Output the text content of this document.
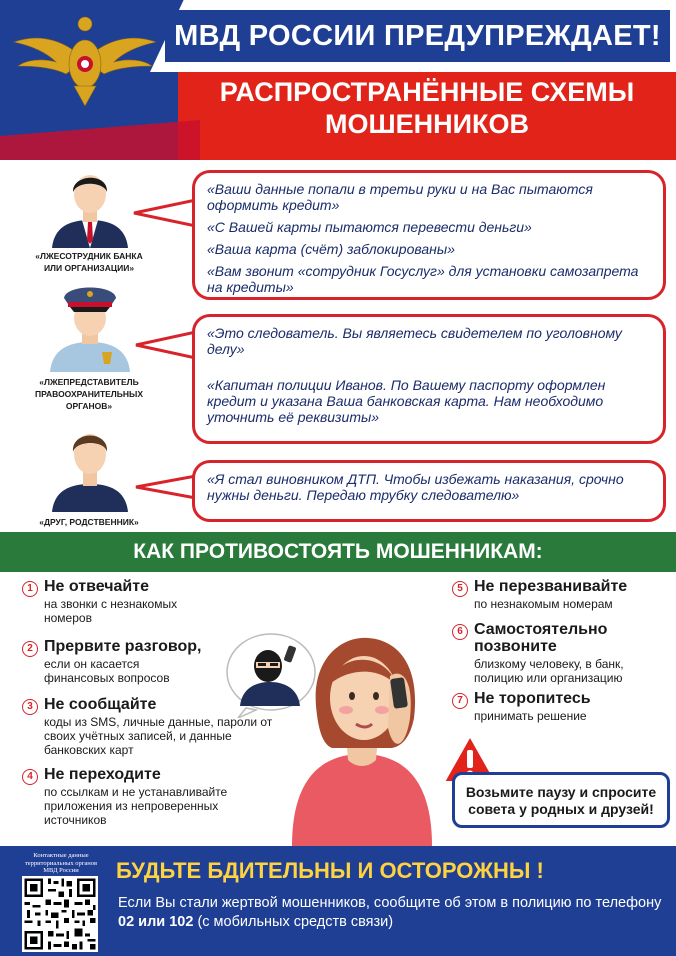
МВД РОССИИ ПРЕДУПРЕЖДАЕТ!
РАСПРОСТРАНЁННЫЕ СХЕМЫ
МОШЕННИКОВ
«ЛЖЕСОТРУДНИК БАНКА
ИЛИ ОРГАНИЗАЦИИ»
«ЛЖЕПРЕДСТАВИТЕЛЬ
ПРАВООХРАНИТЕЛЬНЫХ
ОРГАНОВ»
«ДРУГ, РОДСТВЕННИК»

«Ваши данные попали в третьи руки и на Вас пытаются оформить кредит»

«С Вашей карты пытаются перевести деньги»

«Ваша карта (счёт) заблокированы»

«Вам звонит «сотрудник Госуслуг» для установки самозапрета на кредиты»

«Это следователь. Вы являетесь свидетелем по уголовному делу»

«Капитан полиции Иванов. По Вашему паспорту оформлен кредит и указана Ваша банковская карта. Нам необходимо уточнить её реквизиты»

«Я стал виновником ДТП. Чтобы избежать наказания, срочно нужны деньги. Передаю трубку следователю»

КАК ПРОТИВОСТОЯТЬ МОШЕННИКАМ:
1 Не отвечайте
на звонки с незнакомых номеров
2 Прервите разговор,
если он касается финансовых вопросов
3 Не сообщайте
коды из SMS, личные данные, пароли от своих учётных записей, и данные банковских карт
4 Не переходите
по ссылкам и не устанавливайте приложения из непроверенных источников
5 Не перезванивайте
по незнакомым номерам
6 Самостоятельно позвоните
близкому человеку, в банк, полицию или организацию
7 Не торопитесь
принимать решение
Возьмите паузу и спросите совета у родных и друзей!
Контактные данные территориальных органов МВД России	БУДЬТЕ БДИТЕЛЬНЫ И ОСТОРОЖНЫ !
Если Вы стали жертвой мошенников, сообщите об этом в полицию по телефону 02 или 102 (с мобильных средств связи)
